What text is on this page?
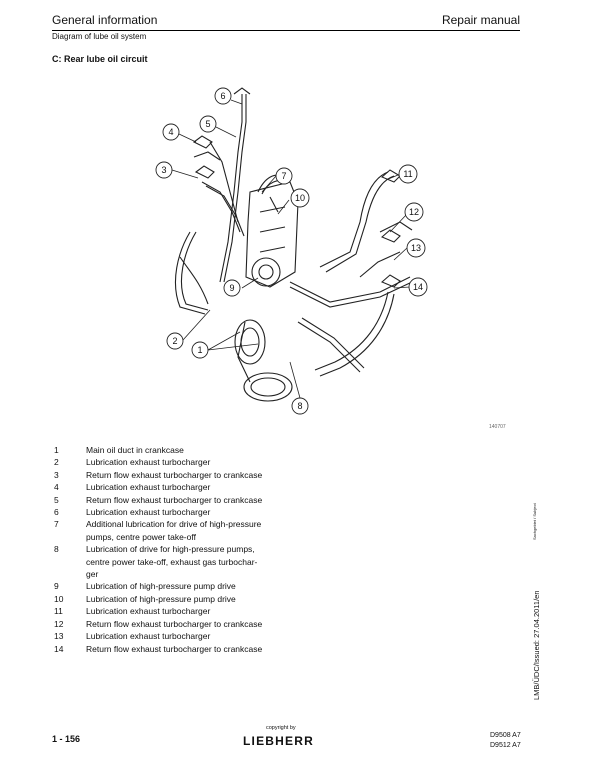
General information	Repair manual
Diagram of lube oil system
C: Rear lube oil circuit
6
5
4
3
7
10
11
12
13
14
9
2
1
8
140707
1	Main oil duct in crankcase
2	Lubrication exhaust turbocharger
3	Return flow exhaust turbocharger to crankcase
4	Lubrication exhaust turbocharger
5	Return flow exhaust turbocharger to crankcase
6	Lubrication exhaust turbocharger
7	Additional lubrication for drive of high-pressure
pumps, centre power take-off
8	Lubrication of drive for high-pressure pumps,
centre power take-off, exhaust gas turbochar-
ger
9	Lubrication of high-pressure pump drive
10	Lubrication of high-pressure pump drive
11	Lubrication exhaust turbocharger
12	Return flow exhaust turbocharger to crankcase
13	Lubrication exhaust turbocharger
14	Return flow exhaust turbocharger to crankcase
Sachgebiet / Subject
LMB/ÜDC/Issued: 27.04.2011/en
1 - 156
copyright by
LIEBHERR	D9508 A7
D9512 A7
